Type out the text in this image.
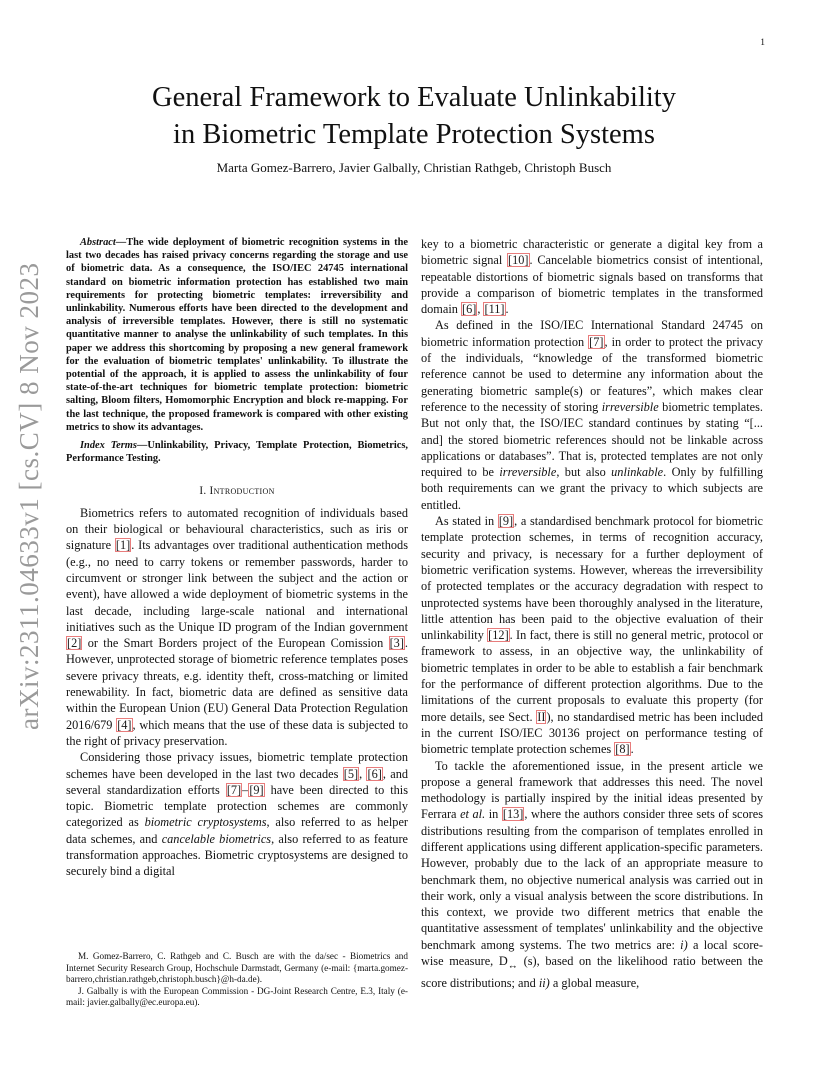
1
arXiv:2311.04633v1 [cs.CV] 8 Nov 2023
General Framework to Evaluate Unlinkability
in Biometric Template Protection Systems
Marta Gomez-Barrero, Javier Galbally, Christian Rathgeb, Christoph Busch

Abstract—The wide deployment of biometric recognition systems in the last two decades has raised privacy concerns regarding the storage and use of biometric data. As a consequence, the ISO/IEC 24745 international standard on biometric information protection has established two main requirements for protecting biometric templates: irreversibility and unlinkability. Numerous efforts have been directed to the development and analysis of irreversible templates. However, there is still no systematic quantitative manner to analyse the unlinkability of such templates. In this paper we address this shortcoming by proposing a new general framework for the evaluation of biometric templates' unlinkability. To illustrate the potential of the approach, it is applied to assess the unlinkability of four state-of-the-art techniques for biometric template protection: biometric salting, Bloom filters, Homomorphic Encryption and block re-mapping. For the last technique, the proposed framework is compared with other existing metrics to show its advantages.

Index Terms—Unlinkability, Privacy, Template Protection, Biometrics, Performance Testing.

I. Introduction

Biometrics refers to automated recognition of individuals based on their biological or behavioural characteristics, such as iris or signature [1]. Its advantages over traditional authentication methods (e.g., no need to carry tokens or remember passwords, harder to circumvent or stronger link between the subject and the action or event), have allowed a wide deployment of biometric systems in the last decade, including large-scale national and international initiatives such as the Unique ID program of the Indian government [2] or the Smart Borders project of the European Comission [3]. However, unprotected storage of biometric reference templates poses severe privacy threats, e.g. identity theft, cross-matching or limited renewability. In fact, biometric data are defined as sensitive data within the European Union (EU) General Data Protection Regulation 2016/679 [4], which means that the use of these data is subjected to the right of privacy preservation.

Considering those privacy issues, biometric template protection schemes have been developed in the last two decades [5], [6], and several standardization efforts [7]–[9] have been directed to this topic. Biometric template protection schemes are commonly categorized as biometric cryptosystems, also referred to as helper data schemes, and cancelable biometrics, also referred to as feature transformation approaches. Biometric cryptosystems are designed to securely bind a digital

key to a biometric characteristic or generate a digital key from a biometric signal [10]. Cancelable biometrics consist of intentional, repeatable distortions of biometric signals based on transforms that provide a comparison of biometric templates in the transformed domain [6], [11].

As defined in the ISO/IEC International Standard 24745 on biometric information protection [7], in order to protect the privacy of the individuals, “knowledge of the transformed biometric reference cannot be used to determine any information about the generating biometric sample(s) or features”, which makes clear reference to the necessity of storing irreversible biometric templates. But not only that, the ISO/IEC standard continues by stating “[... and] the stored biometric references should not be linkable across applications or databases”. That is, protected templates are not only required to be irreversible, but also unlinkable. Only by fulfilling both requirements can we grant the privacy to which subjects are entitled.

As stated in [9], a standardised benchmark protocol for biometric template protection schemes, in terms of recognition accuracy, security and privacy, is necessary for a further deployment of biometric verification systems. However, whereas the irreversibility of protected templates or the accuracy degradation with respect to unprotected systems have been thoroughly analysed in the literature, little attention has been paid to the objective evaluation of their unlinkability [12]. In fact, there is still no general metric, protocol or framework to assess, in an objective way, the unlinkability of biometric templates in order to be able to establish a fair benchmark for the performance of different protection algorithms. Due to the limitations of the current proposals to evaluate this property (for more details, see Sect. II), no standardised metric has been included in the current ISO/IEC 30136 project on performance testing of biometric template protection schemes [8].

To tackle the aforementioned issue, in the present article we propose a general framework that addresses this need. The novel methodology is partially inspired by the initial ideas presented by Ferrara et al. in [13], where the authors consider three sets of scores distributions resulting from the comparison of templates enrolled in different applications using different application-specific parameters. However, probably due to the lack of an appropriate measure to benchmark them, no objective numerical analysis was carried out in their work, only a visual analysis between the score distributions. In this context, we provide two different metrics that enable the quantitative assessment of templates' unlinkability and the objective benchmark among systems. The two metrics are: i) a local score-wise measure, $D_\leftrightarrow$ (s), based on the likelihood ratio between the score distributions; and ii) a global measure,

M. Gomez-Barrero, C. Rathgeb and C. Busch are with the da/sec - Biometrics and Internet Security Research Group, Hochschule Darmstadt, Germany (e-mail: {marta.gomez-barrero,christian.rathgeb,christoph.busch}@h-da.de).

J. Galbally is with the European Commission - DG-Joint Research Centre, E.3, Italy (e-mail: javier.galbally@ec.europa.eu).
